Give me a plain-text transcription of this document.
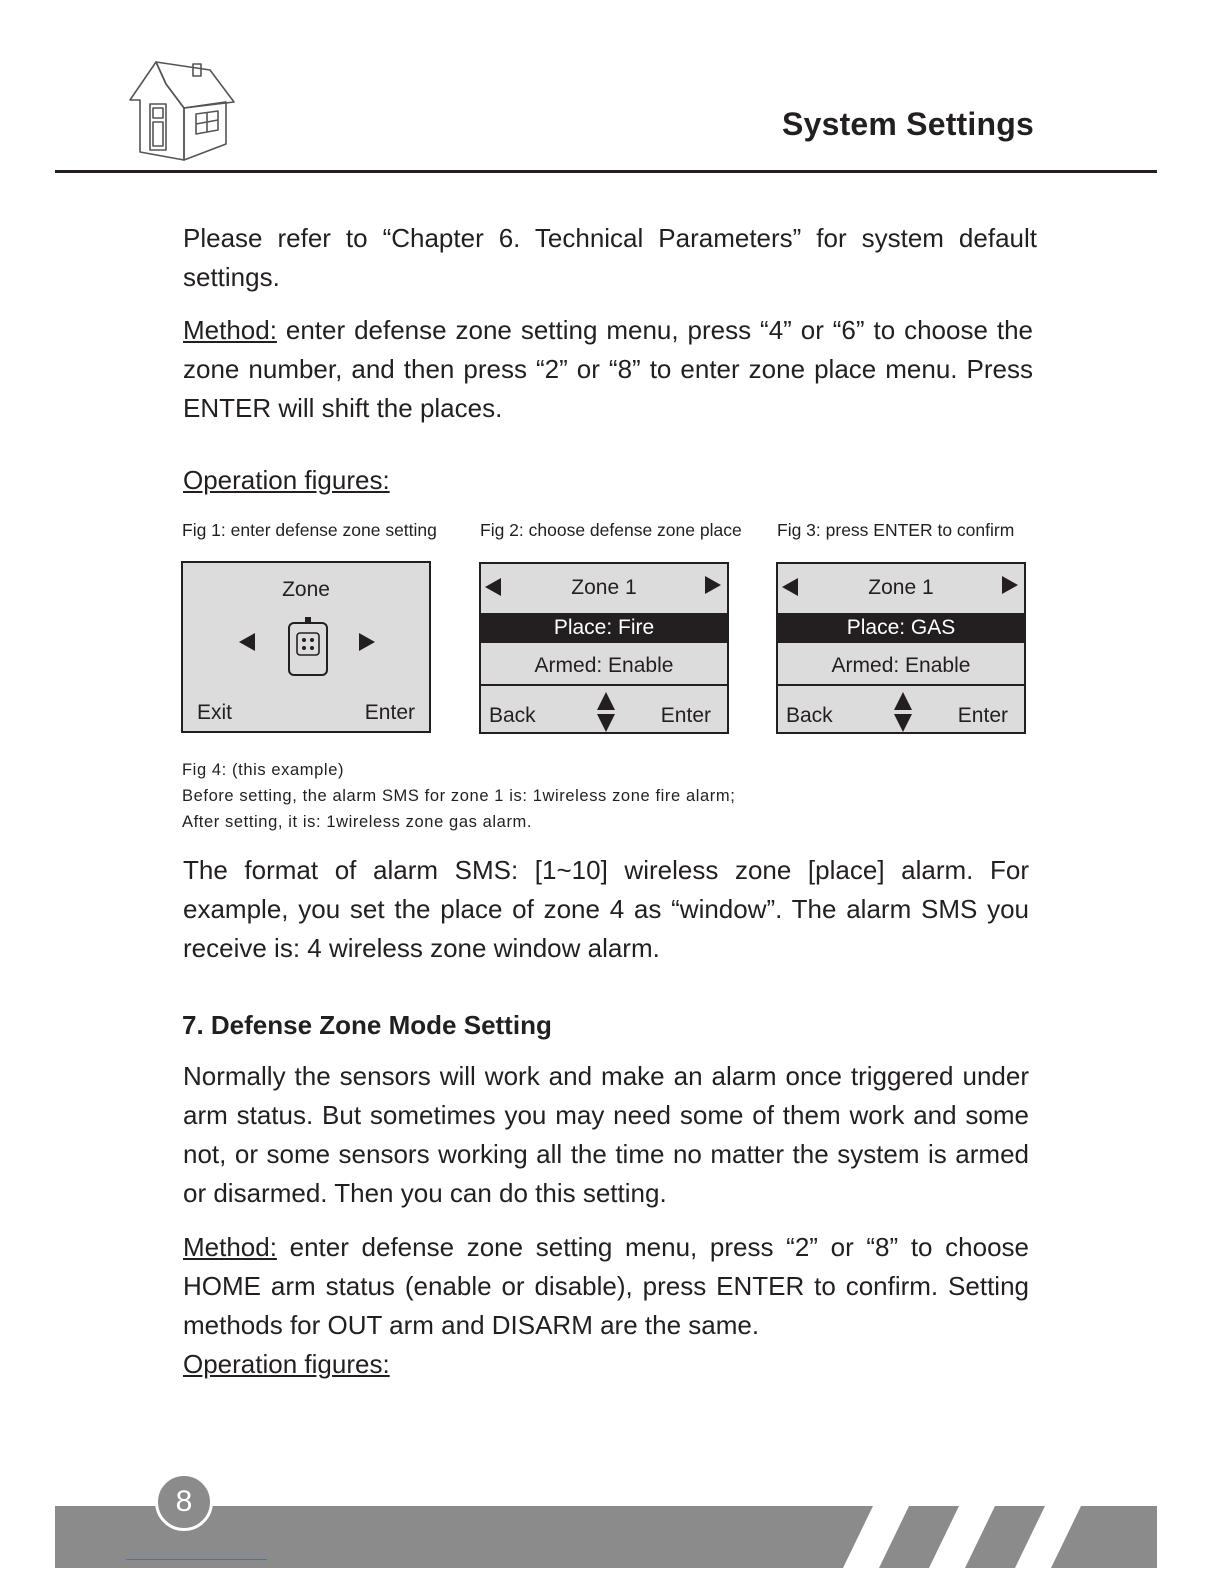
System Settings
Please refer to “Chapter 6. Technical Parameters” for system default settings.
Method: enter defense zone setting menu, press “4” or “6” to choose the zone number, and then press “2” or “8” to enter zone place menu. Press ENTER will shift the places.
Operation figures:
Fig 1: enter defense zone setting Fig 2: choose defense zone place Fig 3: press ENTER to confirm
Zone
Exit	Enter
Zone 1
Place: Fire
Armed: Enable
Back	Enter
Zone 1
Place: GAS
Armed: Enable
Back	Enter
Fig 4: (this example)
Before setting, the alarm SMS for zone 1 is: 1wireless zone fire alarm;
After setting, it is: 1wireless zone gas alarm.
The format of alarm SMS: [1~10] wireless zone [place] alarm. For example, you set the place of zone 4 as “window”. The alarm SMS you receive is: 4 wireless zone window alarm.
7. Defense Zone Mode Setting
Normally the sensors will work and make an alarm once triggered under arm status. But sometimes you may need some of them work and some not, or some sensors working all the time no matter the system is armed or disarmed. Then you can do this setting.
Method: enter defense zone setting menu, press “2” or “8” to choose HOME arm status (enable or disable), press ENTER to confirm. Setting methods for OUT arm and DISARM are the same.
Operation figures:
8
